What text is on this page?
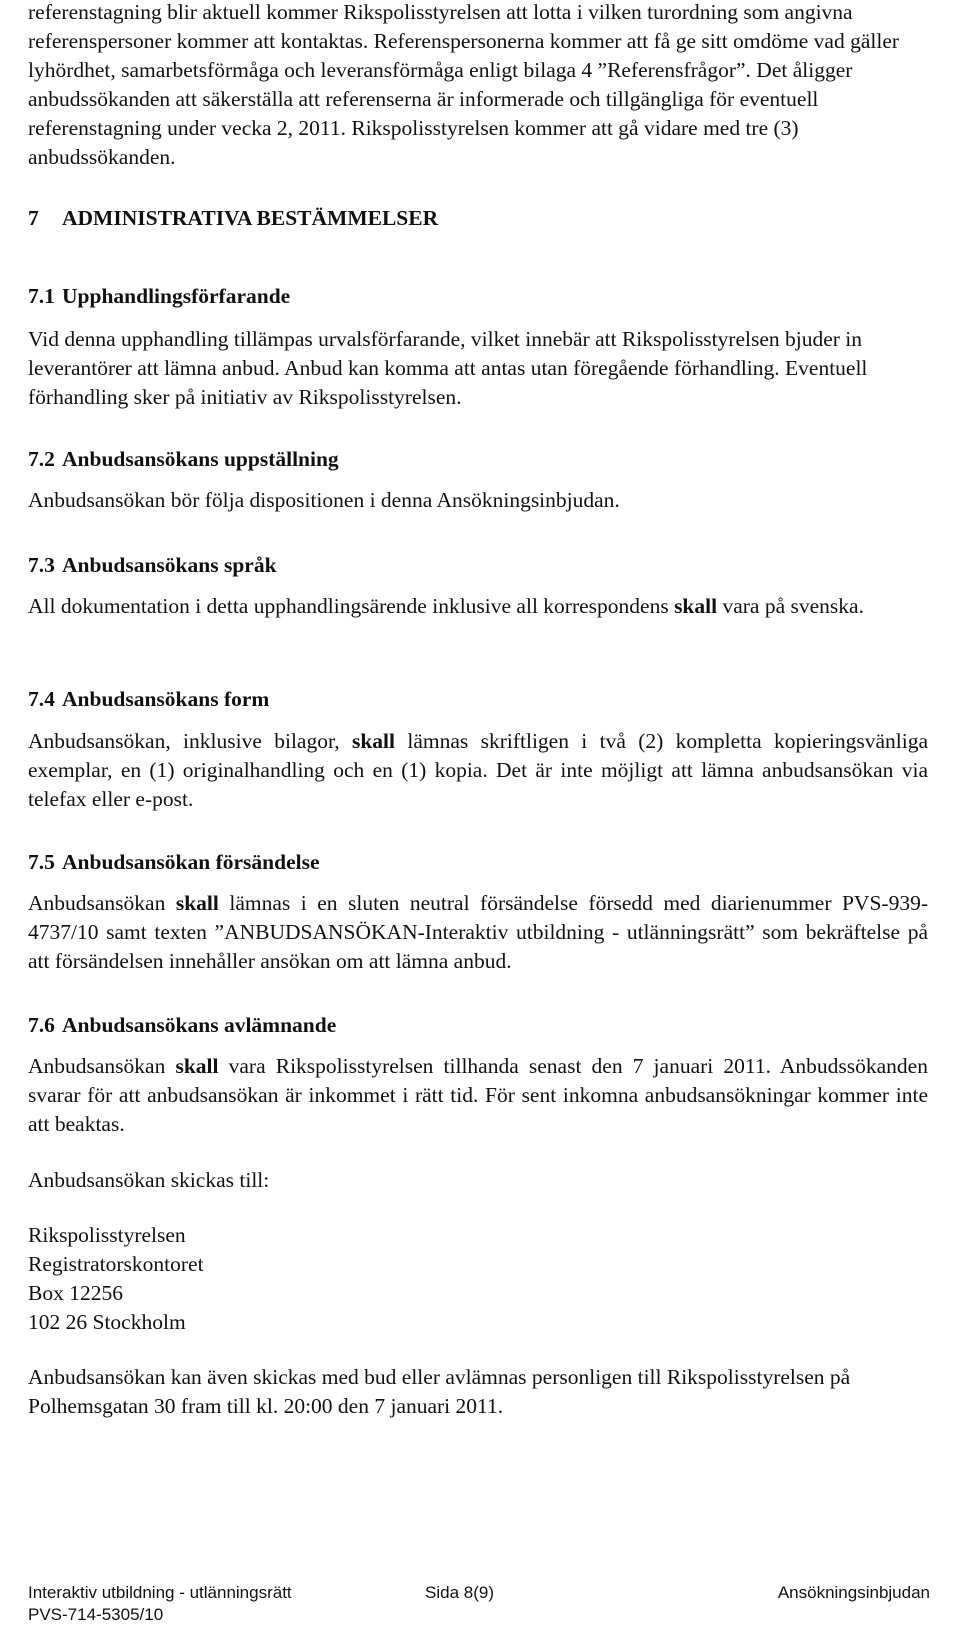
referenstagning blir aktuell kommer Rikspolisstyrelsen att lotta i vilken turordning som angivna referenspersoner kommer att kontaktas. Referenspersonerna kommer att få ge sitt omdöme vad gäller lyhördhet, samarbetsförmåga och leveransförmåga enligt bilaga 4 ”Referensfrågor”. Det åligger anbudssökanden att säkerställa att referenserna är informerade och tillgängliga för eventuell referenstagning under vecka 2, 2011. Rikspolisstyrelsen kommer att gå vidare med tre (3) anbudssökanden.

7 ADMINISTRATIVA BESTÄMMELSER
7.1 Upphandlingsförfarande

Vid denna upphandling tillämpas urvalsförfarande, vilket innebär att Rikspolisstyrelsen bjuder in leverantörer att lämna anbud. Anbud kan komma att antas utan föregående förhandling. Eventuell förhandling sker på initiativ av Rikspolisstyrelsen.

7.2 Anbudsansökans uppställning

Anbudsansökan bör följa dispositionen i denna Ansökningsinbjudan.

7.3 Anbudsansökans språk

All dokumentation i detta upphandlingsärende inklusive all korrespondens skall vara på svenska.

7.4 Anbudsansökans form

Anbudsansökan, inklusive bilagor, skall lämnas skriftligen i två (2) kompletta kopieringsvänliga exemplar, en (1) originalhandling och en (1) kopia. Det är inte möjligt att lämna anbudsansökan via telefax eller e-post.

7.5 Anbudsansökan försändelse

Anbudsansökan skall lämnas i en sluten neutral försändelse försedd med diarienummer PVS-939-4737/10 samt texten ”ANBUDSANSÖKAN-Interaktiv utbildning - utlänningsrätt” som bekräftelse på att försändelsen innehåller ansökan om att lämna anbud.

7.6 Anbudsansökans avlämnande

Anbudsansökan skall vara Rikspolisstyrelsen tillhanda senast den 7 januari 2011. Anbudssökanden svarar för att anbudsansökan är inkommet i rätt tid. För sent inkomna anbudsansökningar kommer inte att beaktas.

Anbudsansökan skickas till:

Rikspolisstyrelsen

Registratorskontoret

Box 12256

102 26 Stockholm

Anbudsansökan kan även skickas med bud eller avlämnas personligen till Rikspolisstyrelsen på Polhemsgatan 30 fram till kl. 20:00 den 7 januari 2011.

Interaktiv utbildning - utlänningsrätt	Sida 8(9)	Ansökningsinbjudan
PVS-714-5305/10
